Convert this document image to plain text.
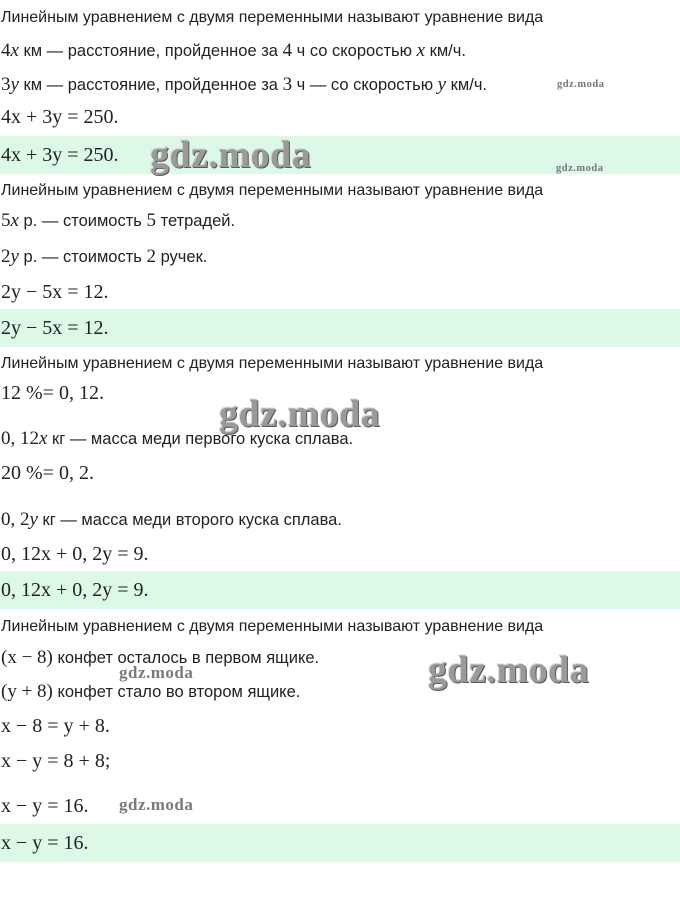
Линейным уравнением с двумя переменными называют уравнение вида
4x км — расстояние, пройденное за 4 ч со скоростью x км/ч.
3y км — расстояние, пройденное за 3 ч — со скоростью y км/ч.
4x + 3y = 250.
4x + 3y = 250.
Линейным уравнением с двумя переменными называют уравнение вида
5x р. — стоимость 5 тетрадей.
2y р. — стоимость 2 ручек.
2y − 5x = 12.
2y − 5x = 12.
Линейным уравнением с двумя переменными называют уравнение вида
12 %= 0, 12.
0, 12x кг — масса меди первого куска сплава.
20 %= 0, 2.
0, 2y кг — масса меди второго куска сплава.
0, 12x + 0, 2y = 9.
0, 12x + 0, 2y = 9.
Линейным уравнением с двумя переменными называют уравнение вида
(x − 8) конфет осталось в первом ящике.
(y + 8) конфет стало во втором ящике.
x − 8 = y + 8.
x − y = 8 + 8;
x − y = 16.
x − y = 16.
gdz.moda
gdz.moda	gdz.moda
gdz.moda
gdz.moda
gdz.moda
gdz.moda
